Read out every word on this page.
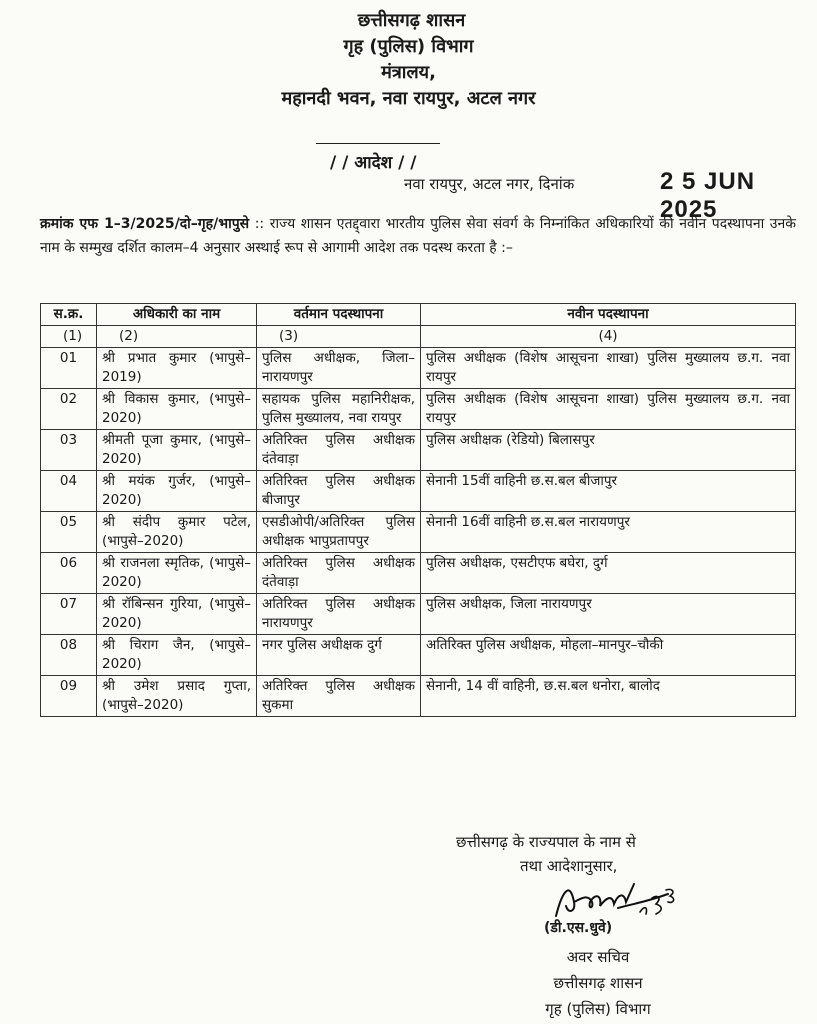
छत्तीसगढ़ शासन
गृह (पुलिस) विभाग
मंत्रालय,
महानदी भवन, नवा रायपुर, अटल नगर
/ / आदेश / /
नवा रायपुर, अटल नगर, दिनांक	2 5 JUN 2025
क्रमांक एफ 1–3/2025/दो–गृह/भापुसे :: राज्य शासन एतद्द्वारा भारतीय पुलिस सेवा संवर्ग के निम्नांकित अधिकारियों की नवीन पदस्थापना उनके नाम के सम्मुख दर्शित कालम–4 अनुसार अस्थाई रूप से आगामी आदेश तक पदस्थ करता है :–
स.क्र.	अधिकारी का नाम	वर्तमान पदस्थापना	नवीन पदस्थापना
(1)	(2)	(3)	(4)
01	श्री प्रभात कुमार (भापुसे–2019)	पुलिस अधीक्षक, जिला–नारायणपुर	पुलिस अधीक्षक (विशेष आसूचना शाखा) पुलिस मुख्यालय छ.ग. नवा रायपुर
02	श्री विकास कुमार, (भापुसे– 2020)	सहायक पुलिस महानिरीक्षक, पुलिस मुख्यालय, नवा रायपुर	पुलिस अधीक्षक (विशेष आसूचना शाखा) पुलिस मुख्यालय छ.ग. नवा रायपुर
03	श्रीमती पूजा कुमार, (भापुसे–2020)	अतिरिक्त पुलिस अधीक्षक दंतेवाड़ा	पुलिस अधीक्षक (रेडियो) बिलासपुर
04	श्री मयंक गुर्जर, (भापुसे– 2020)	अतिरिक्त पुलिस अधीक्षक बीजापुर	सेनानी 15वीं वाहिनी छ.स.बल बीजापुर
05	श्री संदीप कुमार पटेल, (भापुसे–2020)	एसडीओपी/अतिरिक्त पुलिस अधीक्षक भापुप्रतापपुर	सेनानी 16वीं वाहिनी छ.स.बल नारायणपुर
06	श्री राजनला स्मृतिक, (भापुसे–2020)	अतिरिक्त पुलिस अधीक्षक दंतेवाड़ा	पुलिस अधीक्षक, एसटीएफ बघेरा, दुर्ग
07	श्री रॉबिन्सन गुरिया, (भापुसे–2020)	अतिरिक्त पुलिस अधीक्षक नारायणपुर	पुलिस अधीक्षक, जिला नारायणपुर
08	श्री चिराग जैन, (भापुसे– 2020)	नगर पुलिस अधीक्षक दुर्ग	अतिरिक्त पुलिस अधीक्षक, मोहला–मानपुर–चौकी
09	श्री उमेश प्रसाद गुप्ता, (भापुसे–2020)	अतिरिक्त पुलिस अधीक्षक सुकमा	सेनानी, 14 वीं वाहिनी, छ.स.बल धनोरा, बालोद
छत्तीसगढ़ के राज्यपाल के नाम से
तथा आदेशानुसार,
(डी.एस.धुवे)
अवर सचिव
छत्तीसगढ़ शासन
गृह (पुलिस) विभाग
